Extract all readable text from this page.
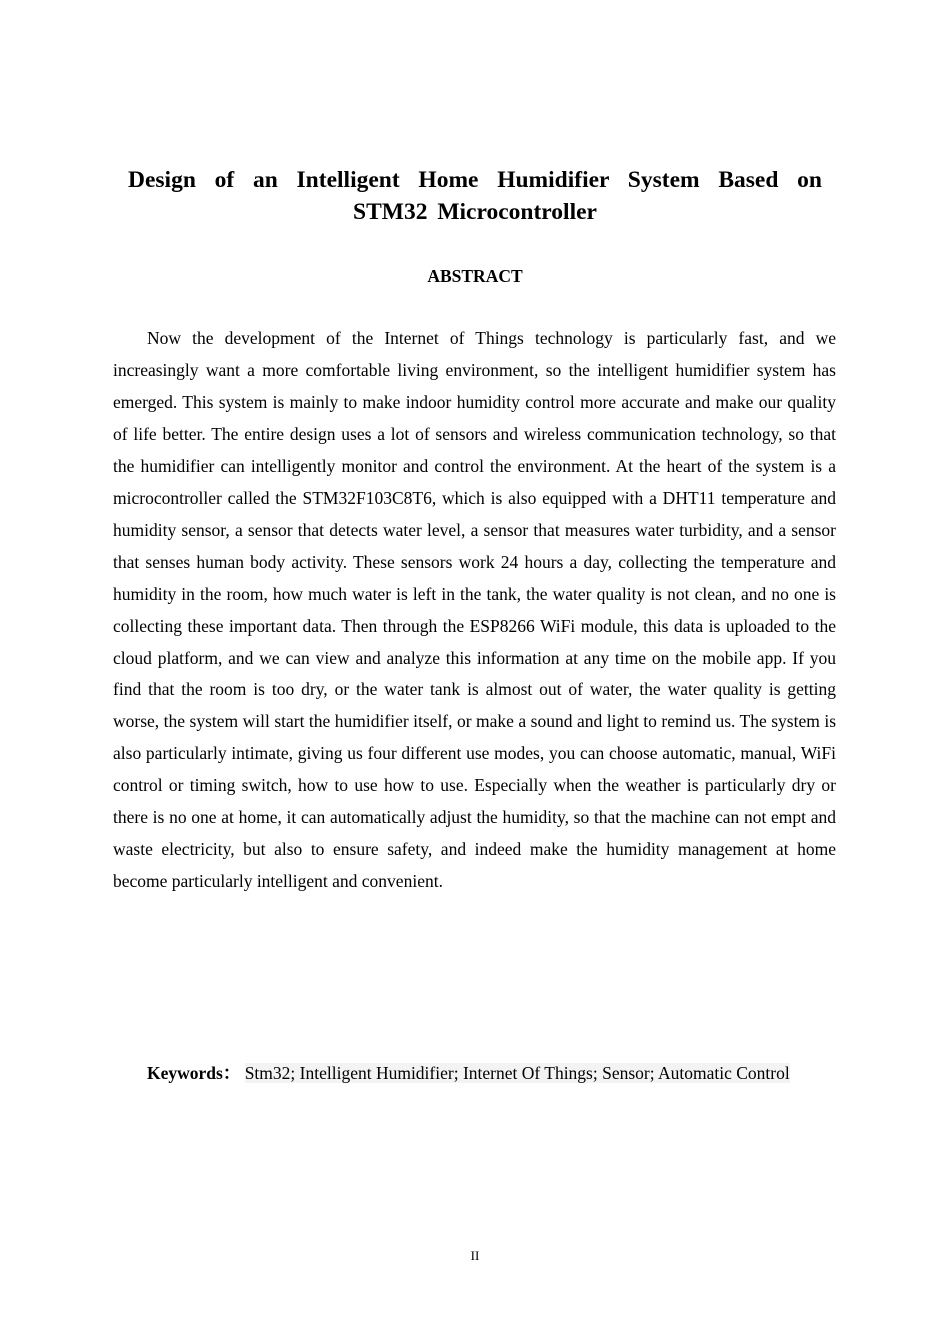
Design of an Intelligent Home Humidifier System Based on STM32 Microcontroller
ABSTRACT

Now the development of the Internet of Things technology is particularly fast, and we increasingly want a more comfortable living environment, so the intelligent humidifier system has emerged. This system is mainly to make indoor humidity control more accurate and make our quality of life better. The entire design uses a lot of sensors and wireless communication technology, so that the humidifier can intelligently monitor and control the environment. At the heart of the system is a microcontroller called the STM32F103C8T6, which is also equipped with a DHT11 temperature and humidity sensor, a sensor that detects water level, a sensor that measures water turbidity, and a sensor that senses human body activity. These sensors work 24 hours a day, collecting the temperature and humidity in the room, how much water is left in the tank, the water quality is not clean, and no one is collecting these important data. Then through the ESP8266 WiFi module, this data is uploaded to the cloud platform, and we can view and analyze this information at any time on the mobile app. If you find that the room is too dry, or the water tank is almost out of water, the water quality is getting worse, the system will start the humidifier itself, or make a sound and light to remind us. The system is also particularly intimate, giving us four different use modes, you can choose automatic, manual, WiFi control or timing switch, how to use how to use. Especially when the weather is particularly dry or there is no one at home, it can automatically adjust the humidity, so that the machine can not empt and waste electricity, but also to ensure safety, and indeed make the humidity management at home become particularly intelligent and convenient.

Keywords： Stm32; Intelligent Humidifier; Internet Of Things; Sensor; Automatic Control

II
